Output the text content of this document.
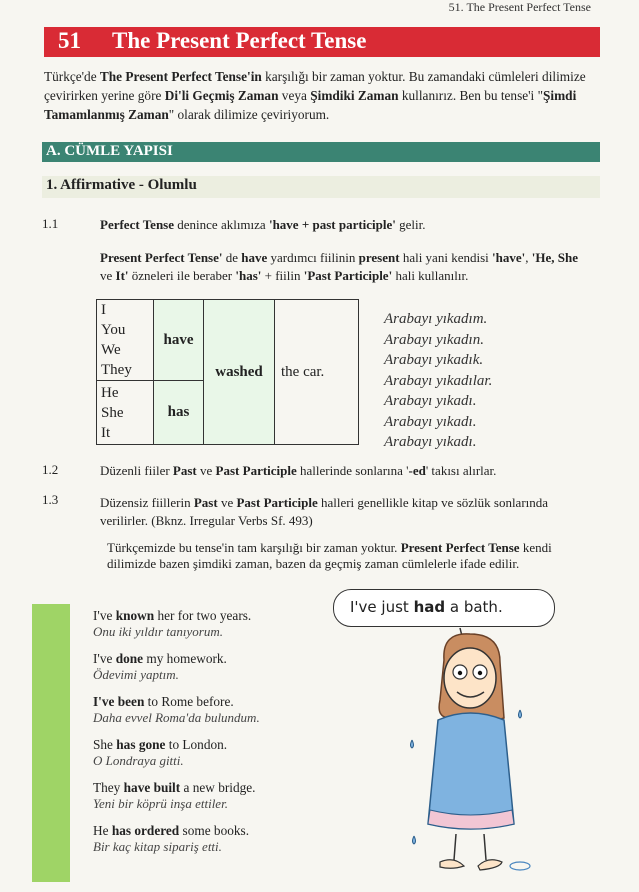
51. The Present Perfect Tense
51 The Present Perfect Tense

Türkçe'de The Present Perfect Tense'in karşılığı bir zaman yoktur. Bu zamandaki cümleleri dilimize çevirirken yerine göre Di'li Geçmiş Zaman veya Şimdiki Zaman kullanırız. Ben bu tense'i "Şimdi Tamamlanmış Zaman" olarak dilimize çeviriyorum.

A. CÜMLE YAPISI
1. Affirmative - Olumlu
1.1	Perfect Tense denince aklımıza 'have + past participle' gelir.

Present Perfect Tense' de have yardımcı fiilinin present hali yani kendisi 'have', 'He, She ve It' özneleri ile beraber 'has' + fiilin 'Past Participle' hali kullanılır.

I
You
We
They	have	washed	the car.

He
She
It	has		
Arabayı yıkadım.
Arabayı yıkadın.
Arabayı yıkadık.
Arabayı yıkadılar.
Arabayı yıkadı.
Arabayı yıkadı.
Arabayı yıkadı.
1.2	Düzenli fiiler Past ve Past Participle hallerinde sonlarına '-ed' takısı alırlar.

1.3	Düzensiz fiillerin Past ve Past Participle halleri genellikle kitap ve sözlük sonlarında verilirler. (Bknz. Irregular Verbs Sf. 493)

Türkçemizde bu tense'in tam karşılığı bir zaman yoktur. Present Perfect Tense kendi dilimizde bazen şimdiki zaman, bazen da geçmiş zaman cümlelerle ifade edilir.

I've known her for two years.
Onu iki yıldır tanıyorum.
I've done my homework.
Ödevimi yaptım.
I've been to Rome before.
Daha evvel Roma'da bulundum.
She has gone to London.
O Londraya gitti.
They have built a new bridge.
Yeni bir köprü inşa ettiler.
He has ordered some books.
Bir kaç kitap sipariş etti.
I've just had a bath.
